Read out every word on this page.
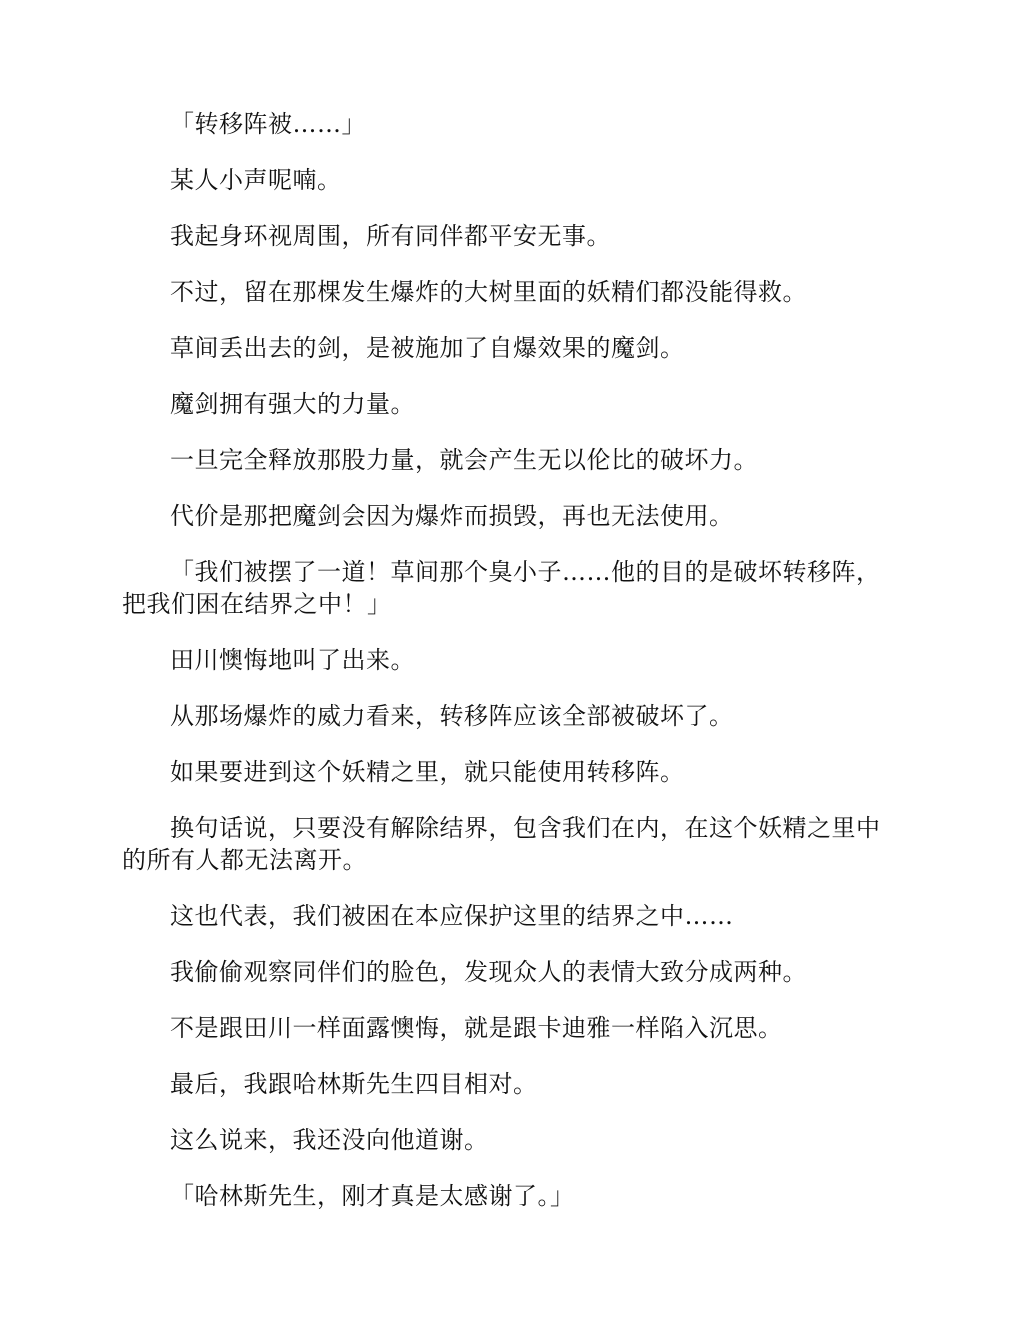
「转移阵被……」

某人小声呢喃。

我起身环视周围，所有同伴都平安无事。

不过，留在那棵发生爆炸的大树里面的妖精们都没能得救。

草间丢出去的剑，是被施加了自爆效果的魔剑。

魔剑拥有强大的力量。

一旦完全释放那股力量，就会产生无以伦比的破坏力。

代价是那把魔剑会因为爆炸而损毁，再也无法使用。

「我们被摆了一道！草间那个臭小子……他的目的是破坏转移阵，把我们困在结界之中！」

田川懊悔地叫了出来。

从那场爆炸的威力看来，转移阵应该全部被破坏了。

如果要进到这个妖精之里，就只能使用转移阵。

换句话说，只要没有解除结界，包含我们在内，在这个妖精之里中的所有人都无法离开。

这也代表，我们被困在本应保护这里的结界之中……

我偷偷观察同伴们的脸色，发现众人的表情大致分成两种。

不是跟田川一样面露懊悔，就是跟卡迪雅一样陷入沉思。

最后，我跟哈林斯先生四目相对。

这么说来，我还没向他道谢。

「哈林斯先生，刚才真是太感谢了。」
